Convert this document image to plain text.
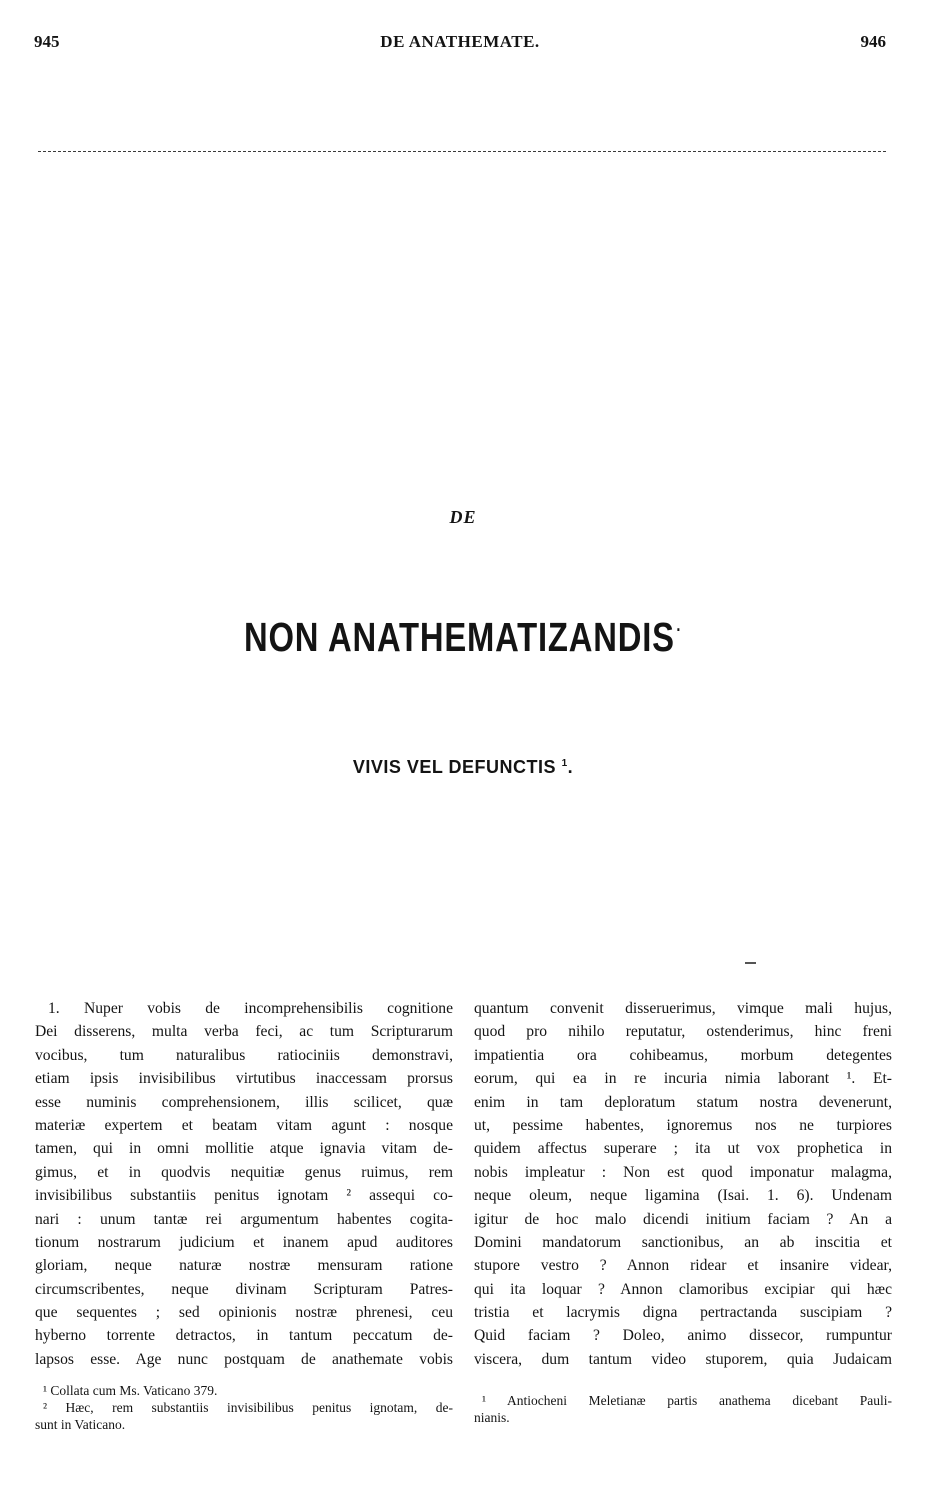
945	DE ANATHEMATE.	946
DE
NON ANATHEMATIZANDIS·
VIVIS VEL DEFUNCTIS $^1$.
1. Nuper vobis de incomprehensibilis cognitione
Dei disserens, multa verba feci, ac tum Scripturarum
vocibus, tum naturalibus ratiociniis demonstravi,
etiam ipsis invisibilibus virtutibus inaccessam prorsus
esse numinis comprehensionem, illis scilicet, quæ
materiæ expertem et beatam vitam agunt : nosque
tamen, qui in omni mollitie atque ignavia vitam de-
gimus, et in quodvis nequitiæ genus ruimus, rem
invisibilibus substantiis penitus ignotam ² assequi co-
nari : unum tantæ rei argumentum habentes cogita-
tionum nostrarum judicium et inanem apud auditores
gloriam, neque naturæ nostræ mensuram ratione
circumscribentes, neque divinam Scripturam Patres-
que sequentes ; sed opinionis nostræ phrenesi, ceu
hyberno torrente detractos, in tantum peccatum de-
lapsos esse. Age nunc postquam de anathemate vobis
quantum convenit disseruerimus, vimque mali hujus,
quod pro nihilo reputatur, ostenderimus, hinc freni
impatientia ora cohibeamus, morbum detegentes
eorum, qui ea in re incuria nimia laborant ¹. Et-
enim in tam deploratum statum nostra devenerunt,
ut, pessime habentes, ignoremus nos ne turpiores
quidem affectus superare ; ita ut vox prophetica in
nobis impleatur : Non est quod imponatur malagma,
neque oleum, neque ligamina (Isai. 1. 6). Undenam
igitur de hoc malo dicendi initium faciam ? An a
Domini mandatorum sanctionibus, an ab inscitia et
stupore vestro ? Annon ridear et insanire videar,
qui ita loquar ? Annon clamoribus excipiar qui hæc
tristia et lacrymis digna pertractanda suscipiam ?
Quid faciam ? Doleo, animo dissecor, rumpuntur
viscera, dum tantum video stuporem, quia Judaicam
¹ Collata cum Ms. Vaticano 379.
² Hæc, rem substantiis invisibilibus penitus ignotam, de-
sunt in Vaticano.
¹ Antiocheni Meletianæ partis anathema dicebant Pauli-
nianis.
